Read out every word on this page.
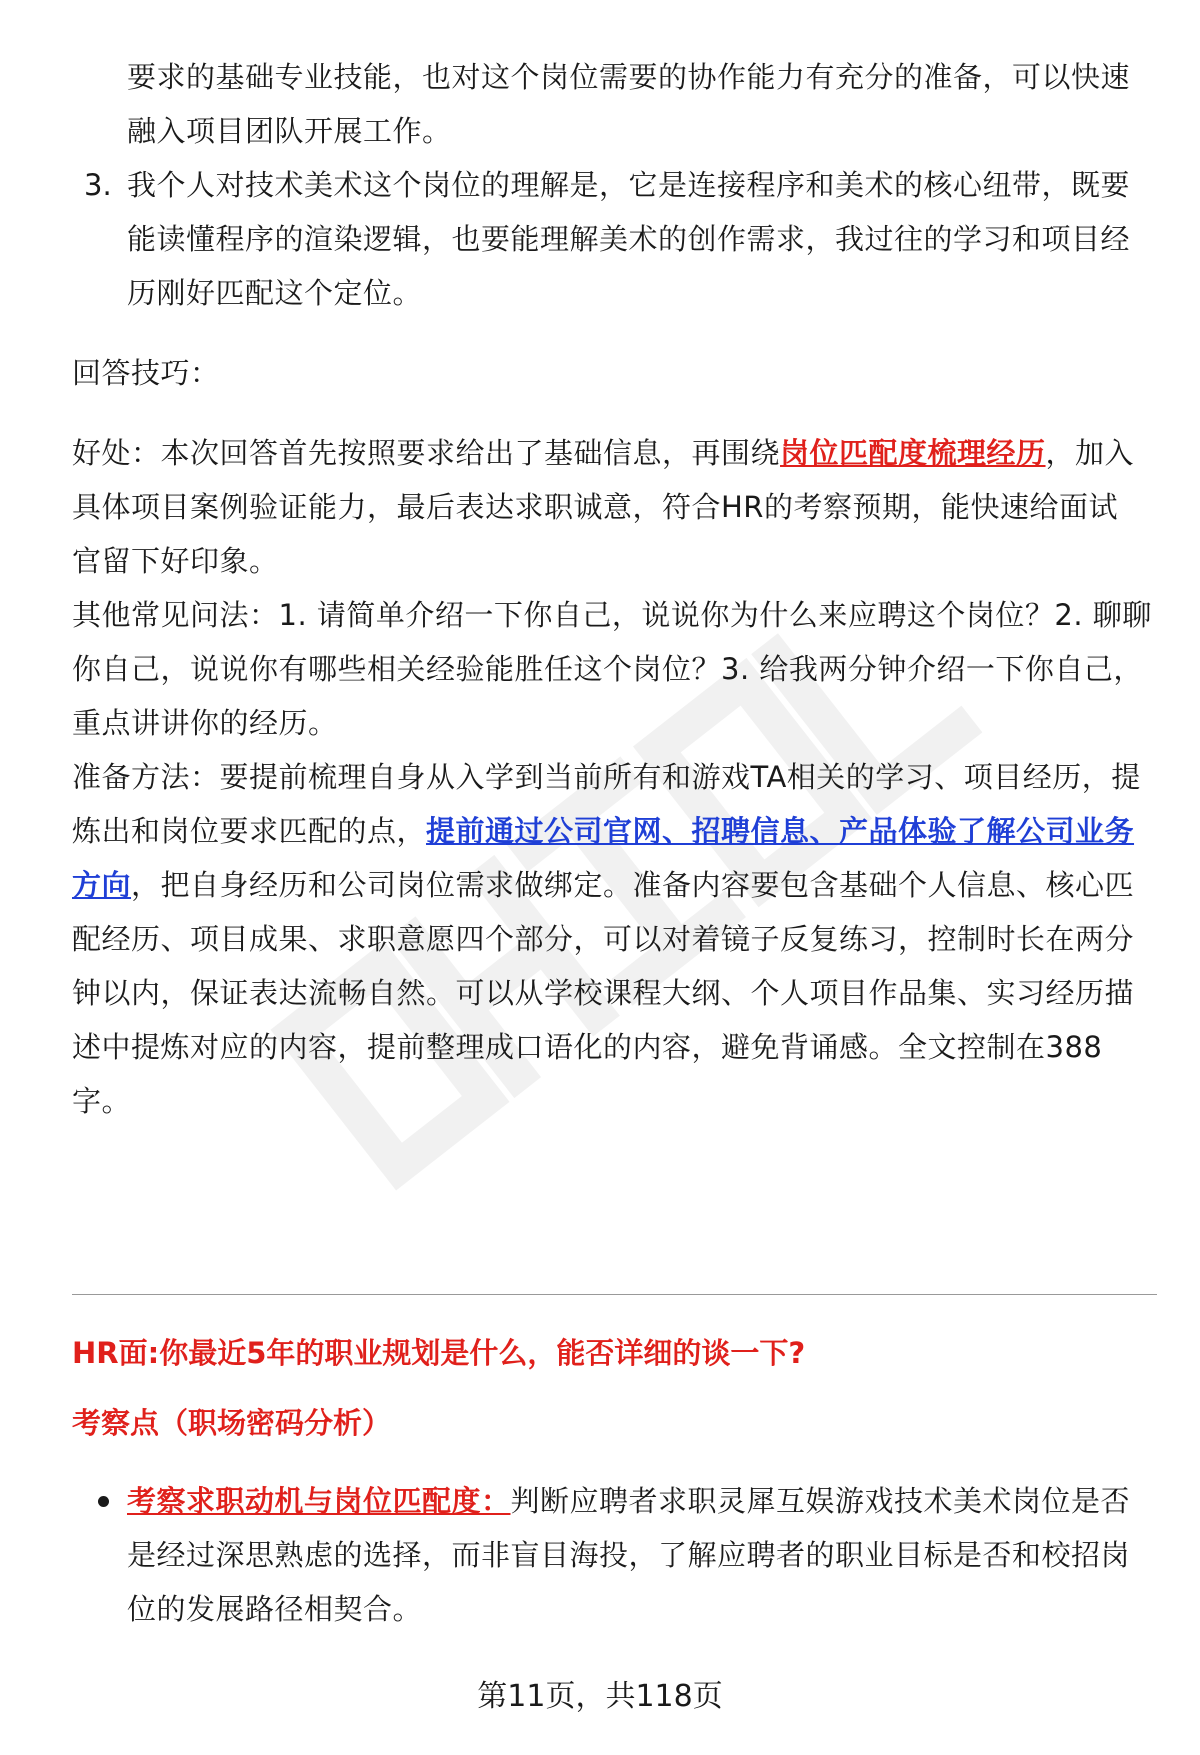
要求的基础专业技能，也对这个岗位需要的协作能力有充分的准备，可以快速

融入项目团队开展工作。

3. 我个人对技术美术这个岗位的理解是，它是连接程序和美术的核心纽带，既要

能读懂程序的渲染逻辑，也要能理解美术的创作需求，我过往的学习和项目经

历刚好匹配这个定位。

回答技巧：

好处：本次回答首先按照要求给出了基础信息，再围绕岗位匹配度梳理经历，加入

具体项目案例验证能力，最后表达求职诚意，符合HR的考察预期，能快速给面试

官留下好印象。

其他常见问法：1. 请简单介绍一下你自己，说说你为什么来应聘这个岗位？2. 聊聊

你自己，说说你有哪些相关经验能胜任这个岗位？3. 给我两分钟介绍一下你自己，

重点讲讲你的经历。

准备方法：要提前梳理自身从入学到当前所有和游戏TA相关的学习、项目经历，提

炼出和岗位要求匹配的点，提前通过公司官网、招聘信息、产品体验了解公司业务

方向，把自身经历和公司岗位需求做绑定。准备内容要包含基础个人信息、核心匹

配经历、项目成果、求职意愿四个部分，可以对着镜子反复练习，控制时长在两分

钟以内，保证表达流畅自然。可以从学校课程大纲、个人项目作品集、实习经历描

述中提炼对应的内容，提前整理成口语化的内容，避免背诵感。全文控制在388

字。

HR面:你最近5年的职业规划是什么，能否详细的谈一下?

考察点（职场密码分析）

考察求职动机与岗位匹配度：判断应聘者求职灵犀互娱游戏技术美术岗位是否

是经过深思熟虑的选择，而非盲目海投，了解应聘者的职业目标是否和校招岗

位的发展路径相契合。

第11页，共118页
